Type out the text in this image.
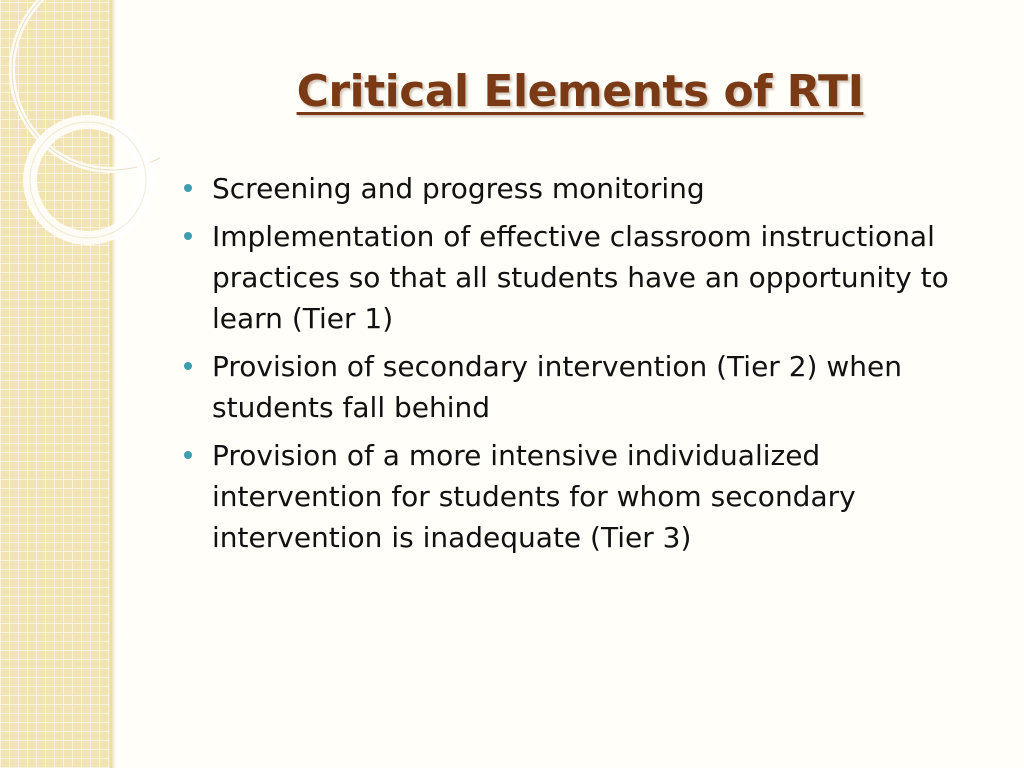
Critical Elements of RTI
Screening and progress monitoring
Implementation of effective classroom instructional practices so that all students have an opportunity to learn (Tier 1)
Provision of secondary intervention (Tier 2) when students fall behind
Provision of a more intensive individualized intervention for students for whom secondary intervention is inadequate (Tier 3)
